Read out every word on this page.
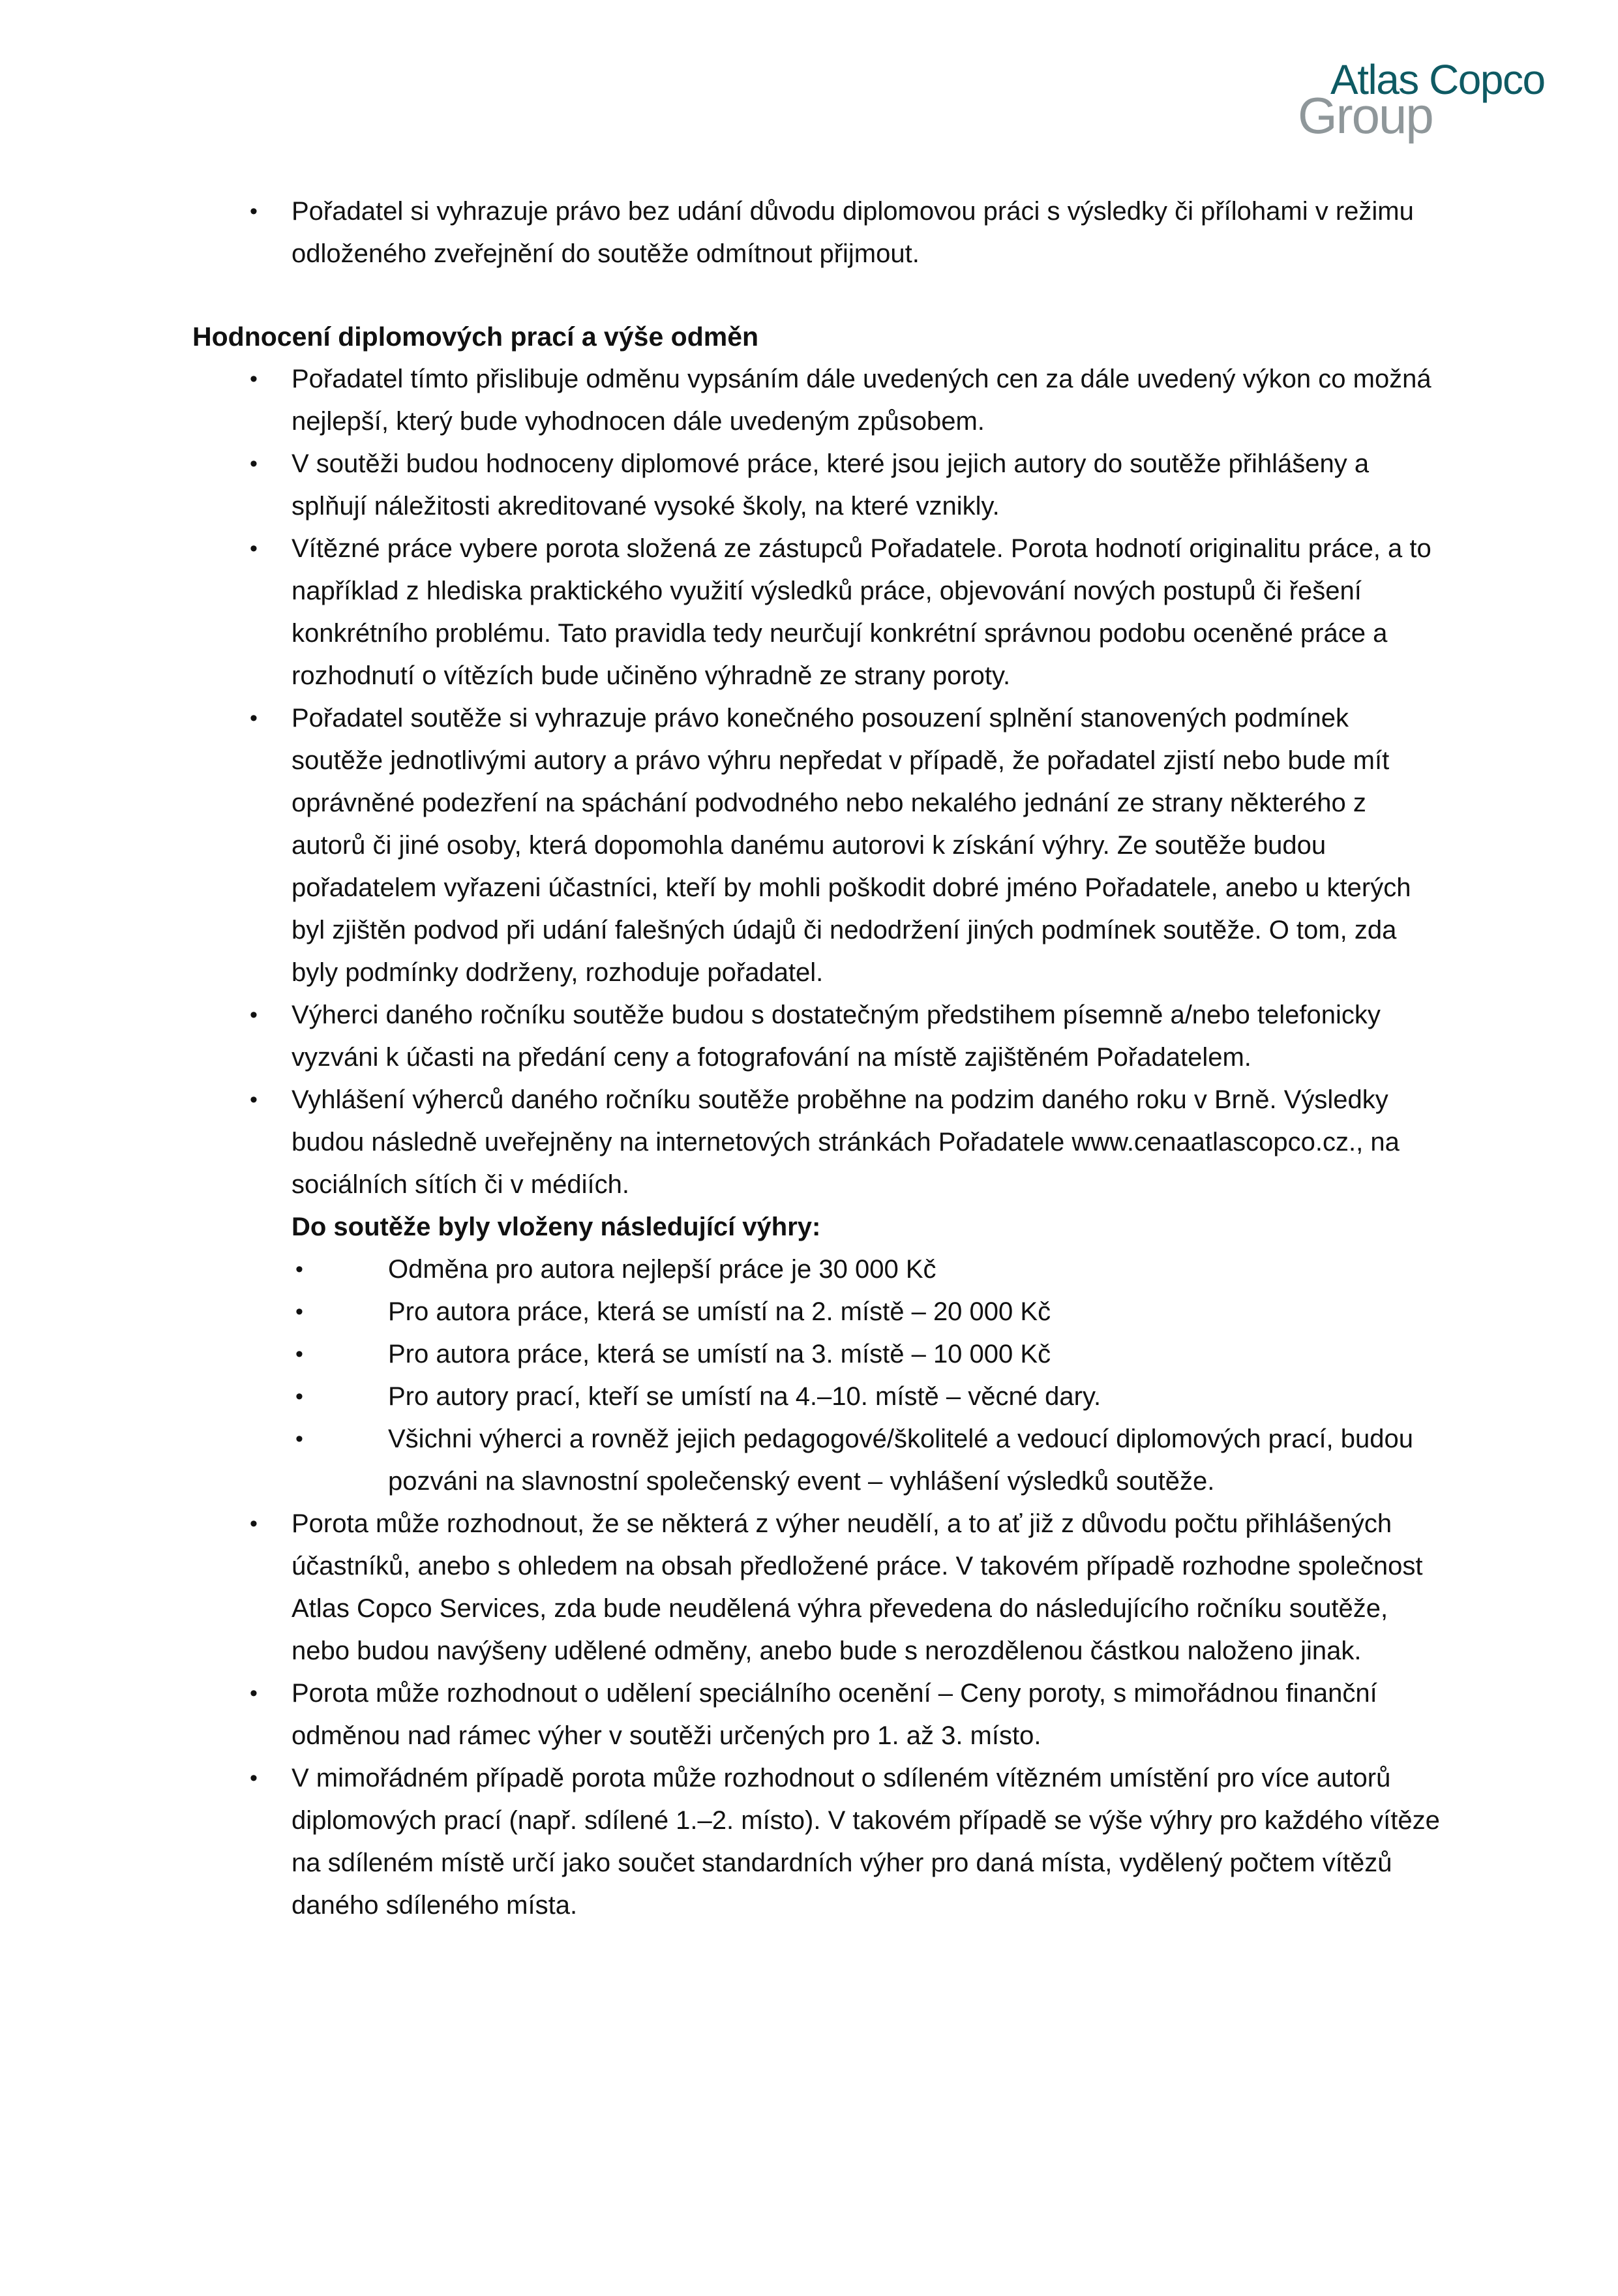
Atlas Copco
Group
• Pořadatel si vyhrazuje právo bez udání důvodu diplomovou práci s výsledky či přílohami v režimu odloženého zveřejnění do soutěže odmítnout přijmout.
Hodnocení diplomových prací a výše odměn
• Pořadatel tímto přislibuje odměnu vypsáním dále uvedených cen za dále uvedený výkon co možná nejlepší, který bude vyhodnocen dále uvedeným způsobem.
• V soutěži budou hodnoceny diplomové práce, které jsou jejich autory do soutěže přihlášeny a splňují náležitosti akreditované vysoké školy, na které vznikly.
• Vítězné práce vybere porota složená ze zástupců Pořadatele. Porota hodnotí originalitu práce, a to například z hlediska praktického využití výsledků práce, objevování nových postupů či řešení konkrétního problému. Tato pravidla tedy neurčují konkrétní správnou podobu oceněné práce a rozhodnutí o vítězích bude učiněno výhradně ze strany poroty.
• Pořadatel soutěže si vyhrazuje právo konečného posouzení splnění stanovených podmínek soutěže jednotlivými autory a právo výhru nepředat v případě, že pořadatel zjistí nebo bude mít oprávněné podezření na spáchání podvodného nebo nekalého jednání ze strany některého z autorů či jiné osoby, která dopomohla danému autorovi k získání výhry. Ze soutěže budou pořadatelem vyřazeni účastníci, kteří by mohli poškodit dobré jméno Pořadatele, anebo u kterých byl zjištěn podvod při udání falešných údajů či nedodržení jiných podmínek soutěže. O tom, zda byly podmínky dodrženy, rozhoduje pořadatel.
• Výherci daného ročníku soutěže budou s dostatečným předstihem písemně a/nebo telefonicky vyzváni k účasti na předání ceny a fotografování na místě zajištěném Pořadatelem.
• Vyhlášení výherců daného ročníku soutěže proběhne na podzim daného roku v Brně. Výsledky budou následně uveřejněny na internetových stránkách Pořadatele www.cenaatlascopco.cz., na sociálních sítích či v médiích.
Do soutěže byly vloženy následující výhry:
•	Odměna pro autora nejlepší práce je 30 000 Kč
•	Pro autora práce, která se umístí na 2. místě – 20 000 Kč
•	Pro autora práce, která se umístí na 3. místě – 10 000 Kč
•	Pro autory prací, kteří se umístí na 4.–10. místě – věcné dary.
•	Všichni výherci a rovněž jejich pedagogové/školitelé a vedoucí diplomových prací, budou pozváni na slavnostní společenský event – vyhlášení výsledků soutěže.
• Porota může rozhodnout, že se některá z výher neudělí, a to ať již z důvodu počtu přihlášených účastníků, anebo s ohledem na obsah předložené práce. V takovém případě rozhodne společnost Atlas Copco Services, zda bude neudělená výhra převedena do následujícího ročníku soutěže, nebo budou navýšeny udělené odměny, anebo bude s nerozdělenou částkou naloženo jinak.
• Porota může rozhodnout o udělení speciálního ocenění – Ceny poroty, s mimořádnou finanční odměnou nad rámec výher v soutěži určených pro 1. až 3. místo.
• V mimořádném případě porota může rozhodnout o sdíleném vítězném umístění pro více autorů diplomových prací (např. sdílené 1.–2. místo). V takovém případě se výše výhry pro každého vítěze na sdíleném místě určí jako součet standardních výher pro daná místa, vydělený počtem vítězů daného sdíleného místa.
